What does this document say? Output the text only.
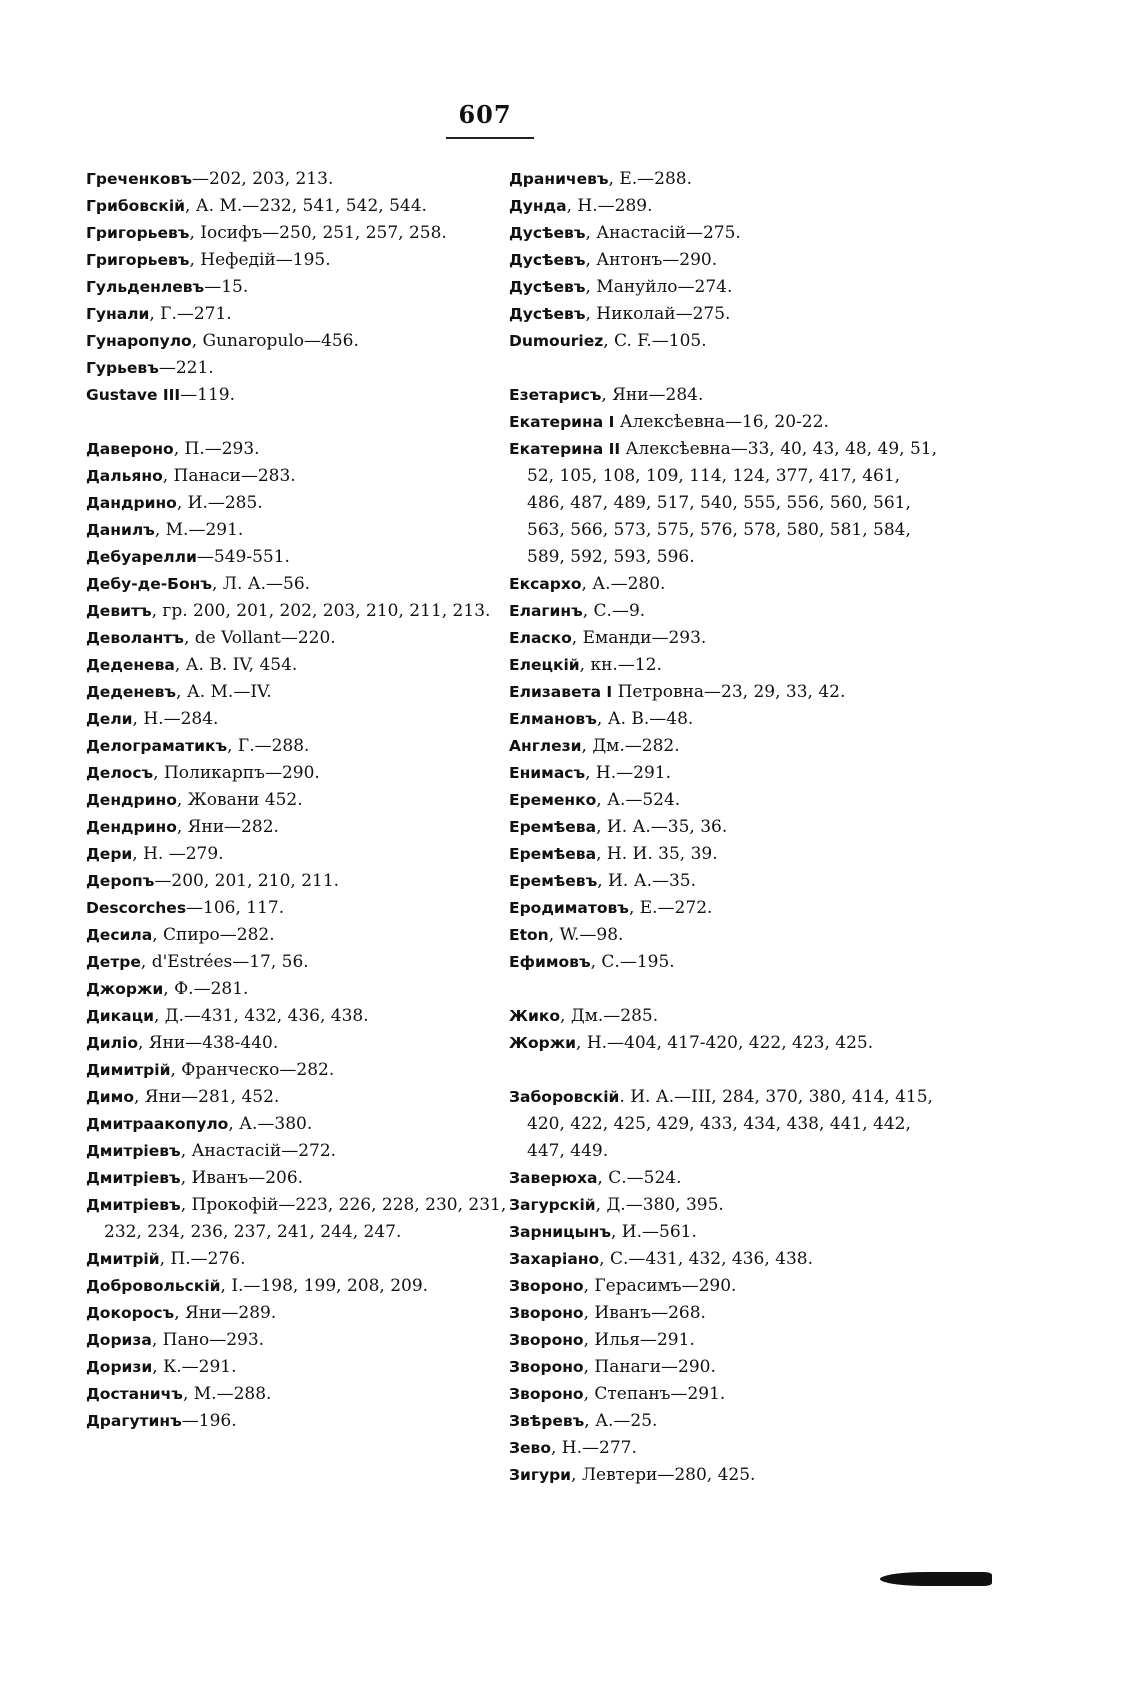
607
Греченковъ—202, 203, 213.
Грибовскій, А. М.—232, 541, 542, 544.
Григорьевъ, Іосифъ—250, 251, 257, 258.
Григорьевъ, Нефедій—195.
Гульденлевъ—15.
Гунали, Г.—271.
Гунаропуло, Gunaropulo—456.
Гурьевъ—221.
Gustave III—119.
Давероно, П.—293.
Дальяно, Панаси—283.
Дандрино, И.—285.
Данилъ, М.—291.
Дебуарелли—549-551.
Дебу-де-Бонъ, Л. А.—56.
Девитъ, гр. 200, 201, 202, 203, 210, 211, 213.
Деволантъ, de Vollant—220.
Деденева, А. В. IV, 454.
Деденевъ, А. М.—IV.
Дели, Н.—284.
Делограматикъ, Г.—288.
Делосъ, Поликарпъ—290.
Дендрино, Жовани 452.
Дендрино, Яни—282.
Дери, Н. —279.
Деропъ—200, 201, 210, 211.
Descorches—106, 117.
Десила, Спиро—282.
Детре, d'Estrées—17, 56.
Джоржи, Ф.—281.
Дикаци, Д.—431, 432, 436, 438.
Диліо, Яни—438-440.
Димитрій, Франческо—282.
Димо, Яни—281, 452.
Дмитраакопуло, А.—380.
Дмитріевъ, Анастасій—272.
Дмитріевъ, Иванъ—206.
Дмитріевъ, Прокофій—223, 226, 228, 230, 231, 232, 234, 236, 237, 241, 244, 247.
Дмитрій, П.—276.
Добровольскій, І.—198, 199, 208, 209.
Докоросъ, Яни—289.
Дориза, Пано—293.
Доризи, К.—291.
Достаничъ, М.—288.
Драгутинъ—196.
Драничевъ, Е.—288.
Дунда, Н.—289.
Дусѣевъ, Анастасій—275.
Дусѣевъ, Антонъ—290.
Дусѣевъ, Мануйло—274.
Дусѣевъ, Николай—275.
Dumouriez, C. F.—105.
Езетарисъ, Яни—284.
Екатерина I Алексѣевна—16, 20-22.
Екатерина II Алексѣевна—33, 40, 43, 48, 49, 51, 52, 105, 108, 109, 114, 124, 377, 417, 461, 486, 487, 489, 517, 540, 555, 556, 560, 561, 563, 566, 573, 575, 576, 578, 580, 581, 584, 589, 592, 593, 596.
Ексархо, А.—280.
Елагинъ, С.—9.
Еласко, Еманди—293.
Елецкій, кн.—12.
Елизавета I Петровна—23, 29, 33, 42.
Елмановъ, А. В.—48.
Англези, Дм.—282.
Енимасъ, Н.—291.
Еременко, А.—524.
Еремѣева, И. А.—35, 36.
Еремѣева, Н. И. 35, 39.
Еремѣевъ, И. А.—35.
Еродиматовъ, Е.—272.
Eton, W.—98.
Ефимовъ, С.—195.
Жико, Дм.—285.
Жоржи, Н.—404, 417-420, 422, 423, 425.
Заборовскій. И. А.—III, 284, 370, 380, 414, 415, 420, 422, 425, 429, 433, 434, 438, 441, 442, 447, 449.
Заверюха, С.—524.
Загурскій, Д.—380, 395.
Зарницынъ, И.—561.
Захаріано, С.—431, 432, 436, 438.
Звороно, Герасимъ—290.
Звороно, Иванъ—268.
Звороно, Илья—291.
Звороно, Панаги—290.
Звороно, Степанъ—291.
Звѣревъ, А.—25.
Зево, Н.—277.
Зигури, Левтери—280, 425.
